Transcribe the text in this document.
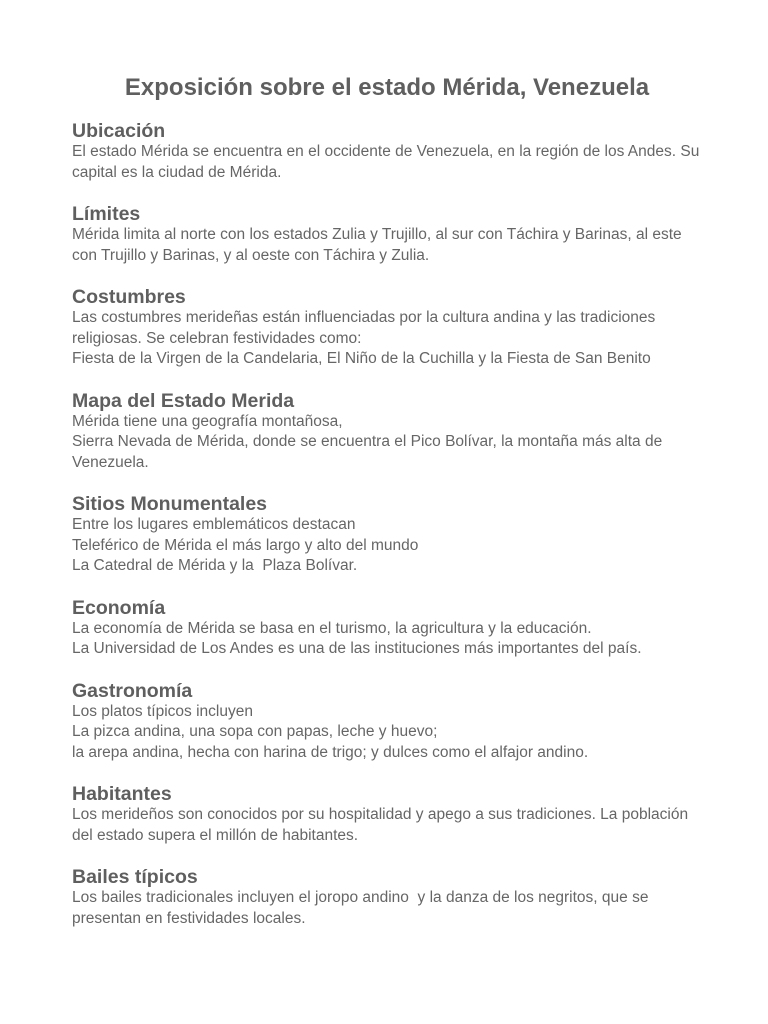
Exposición sobre el estado Mérida, Venezuela
Ubicación

El estado Mérida se encuentra en el occidente de Venezuela, en la región de los Andes. Su capital es la ciudad de Mérida.

Límites

Mérida limita al norte con los estados Zulia y Trujillo, al sur con Táchira y Barinas, al este con Trujillo y Barinas, y al oeste con Táchira y Zulia.

Costumbres

Las costumbres merideñas están influenciadas por la cultura andina y las tradiciones religiosas. Se celebran festividades como:

Fiesta de la Virgen de la Candelaria, El Niño de la Cuchilla y la Fiesta de San Benito

Mapa del Estado Merida

Mérida tiene una geografía montañosa,

Sierra Nevada de Mérida, donde se encuentra el Pico Bolívar, la montaña más alta de Venezuela.

Sitios Monumentales

Entre los lugares emblemáticos destacan

Teleférico de Mérida el más largo y alto del mundo

La Catedral de Mérida y la  Plaza Bolívar.

Economía

La economía de Mérida se basa en el turismo, la agricultura y la educación.

La Universidad de Los Andes es una de las instituciones más importantes del país.

Gastronomía

Los platos típicos incluyen

La pizca andina, una sopa con papas, leche y huevo;

la arepa andina, hecha con harina de trigo; y dulces como el alfajor andino.

Habitantes

Los merideños son conocidos por su hospitalidad y apego a sus tradiciones. La población del estado supera el millón de habitantes.

Bailes típicos

Los bailes tradicionales incluyen el joropo andino  y la danza de los negritos, que se presentan en festividades locales.
